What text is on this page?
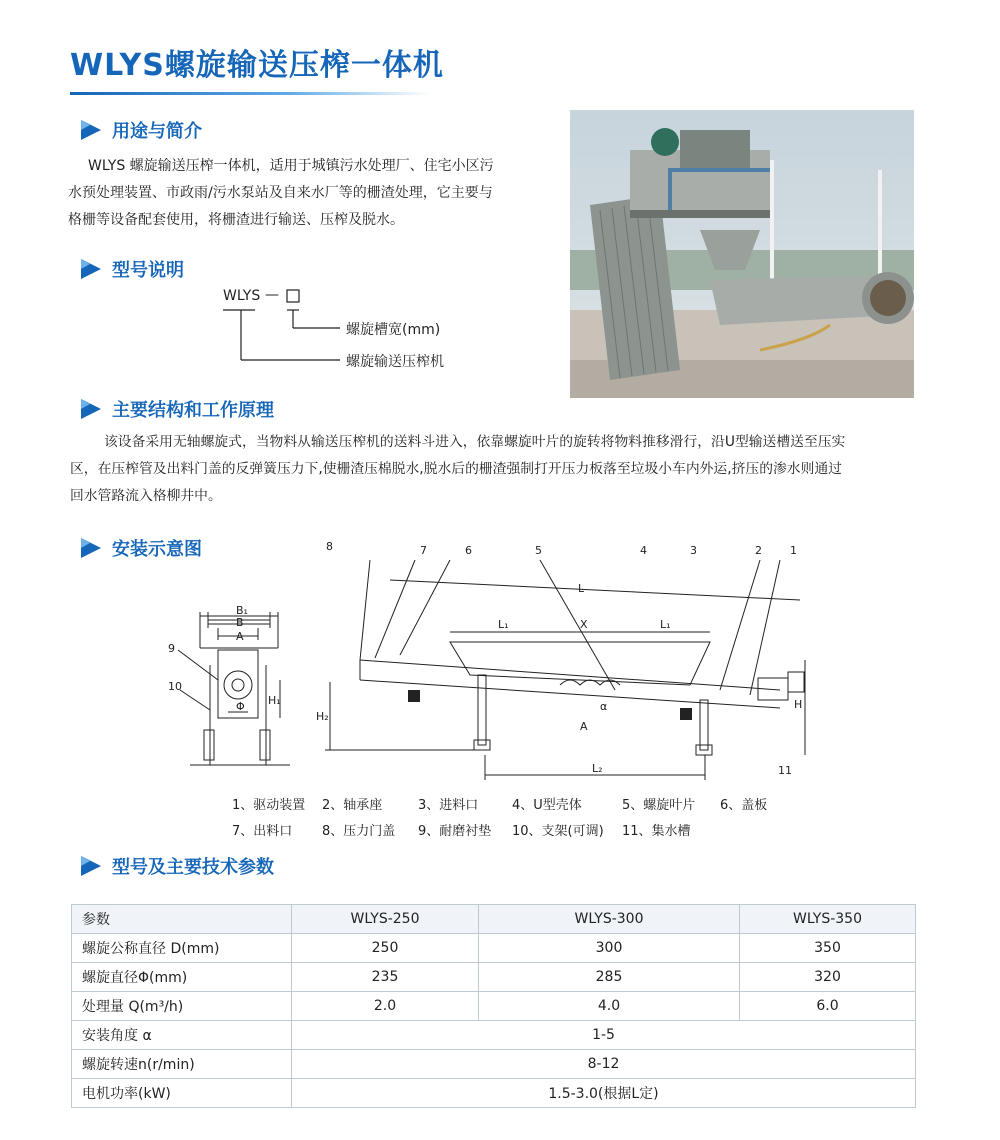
WLYS螺旋输送压榨一体机
用途与简介
WLYS 螺旋输送压榨一体机，适用于城镇污水处理厂、住宅小区污
水预处理装置、市政雨/污水泵站及自来水厂等的栅渣处理，它主要与
格栅等设备配套使用，将栅渣进行输送、压榨及脱水。
型号说明
WLYS —
螺旋槽宽(mm)
螺旋输送压榨机
主要结构和工作原理
该设备采用无轴螺旋式，当物料从输送压榨机的送料斗进入，依靠螺旋叶片的旋转将物料推移滑行，沿U型输送槽送至压实
区，在压榨管及出料门盖的反弹簧压力下,使栅渣压棉脱水,脱水后的栅渣强制打开压力板落至垃圾小车内外运,挤压的渗水则通过
回水管路流入格柳井中。
安装示意图	8	7	6	5	4	3	2	1
B₁
B
A
Φ H₁
9
10
H₂
H
L
L₁	X	L₁
L₂
α
A
11
1、驱动装置 2、轴承座	3、进料口	4、U型壳体	5、螺旋叶片 6、盖板
7、出料口 8、压力门盖 9、耐磨衬垫 10、支架(可调) 11、集水槽
型号及主要技术参数
参数	WLYS-250	WLYS-300	WLYS-350
螺旋公称直径 D(mm)	250	300	350
螺旋直径Φ(mm)	235	285	320
处理量 Q(m³/h)	2.0	4.0	6.0
安装角度 α	1-5		
螺旋转速n(r/min)	8-12		
电机功率(kW)	1.5-3.0(根据L定)		
